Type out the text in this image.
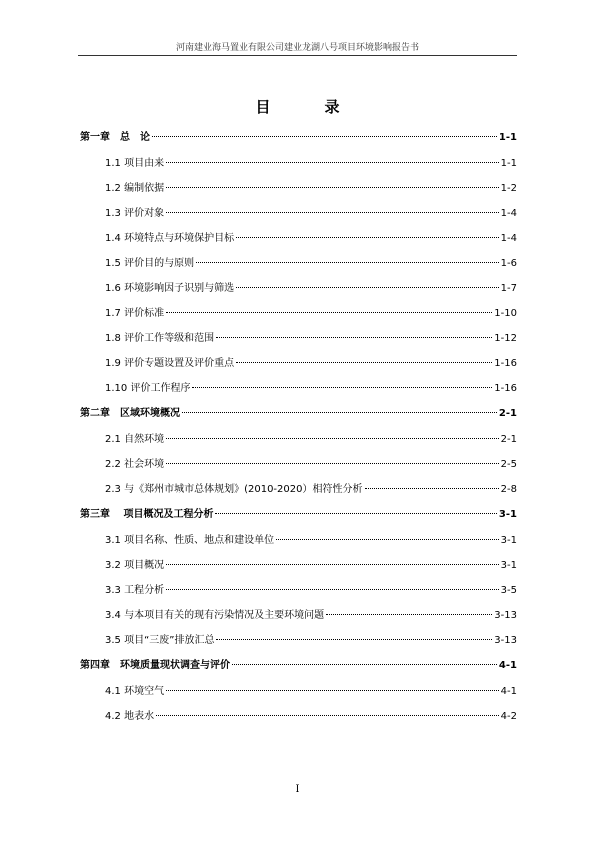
河南建业海马置业有限公司建业龙湖八号项目环境影响报告书
目	录
第一章　总　论	1-1
1.1 项目由来	1-1
1.2 编制依据	1-2
1.3 评价对象	1-4
1.4 环境特点与环境保护目标	1-4
1.5 评价目的与原则	1-6
1.6 环境影响因子识别与筛选	1-7
1.7 评价标准	1-10
1.8 评价工作等级和范围	1-12
1.9 评价专题设置及评价重点	1-16
1.10 评价工作程序	1-16
第二章　区域环境概况	2-1
2.1 自然环境	2-1
2.2 社会环境	2-5
2.3 与《郑州市城市总体规划》(2010-2020）相符性分析	2-8
第三章　 项目概况及工程分析	3-1
3.1 项目名称、性质、地点和建设单位	3-1
3.2 项目概况	3-1
3.3 工程分析	3-5
3.4 与本项目有关的现有污染情况及主要环境问题	3-13
3.5 项目“三废”排放汇总	3-13
第四章　环境质量现状调查与评价	4-1
4.1 环境空气	4-1
4.2 地表水	4-2
I
